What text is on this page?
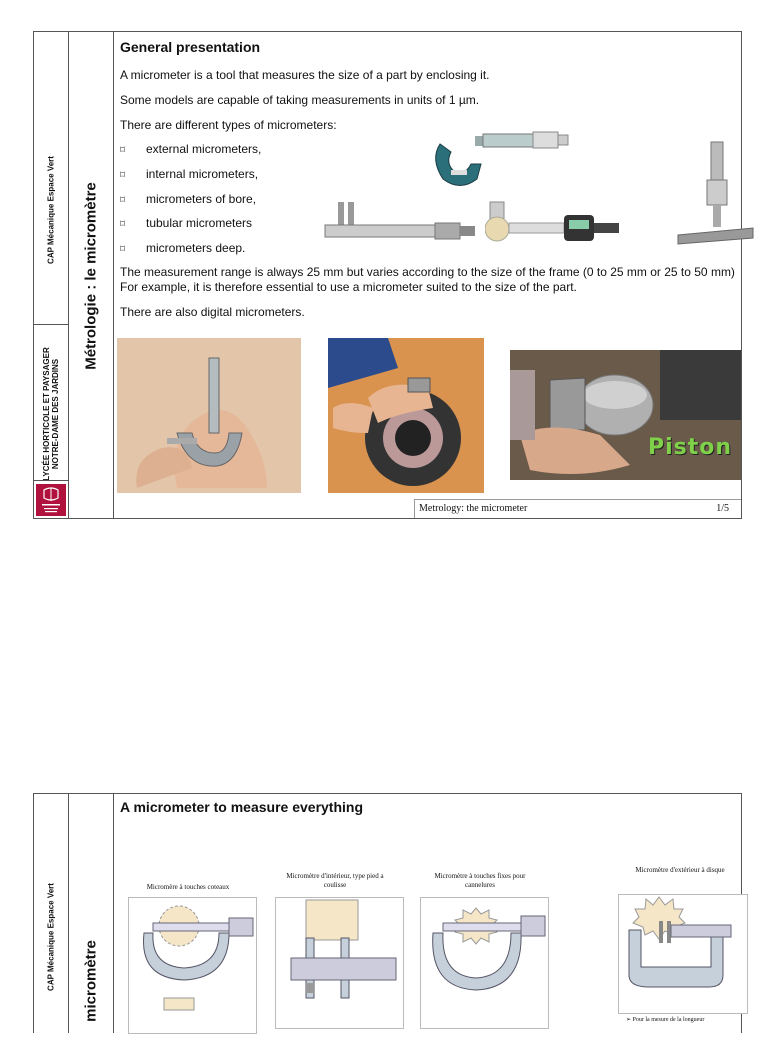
CAP Mécanique Espace Vert
LYCÉE HORTICOLE ET PAYSAGER NOTRE-DAME DES JARDINS
Métrologie : le micromètre
General presentation
A micrometer is a tool that measures the size of a part by enclosing it.
Some models are capable of taking measurements in units of 1 µm.
There are different types of micrometers:
⌑ external micrometers,
⌑ internal micrometers,
⌑ micrometers of bore,
⌑ tubular micrometers
⌑ micrometers deep.
The measurement range is always 25 mm but varies according to the size of the frame (0 to 25 mm or 25 to 50 mm)
For example, it is therefore essential to use a micrometer suited to the size of the part.
There are also digital micrometers.
Piston
Metrology: the micrometer	1/5
CAP Mécanique Espace Vert micromètre
A micrometer to measure everything
Micromère à touches coteaux
Micromètre d'intérieur, type pied a coulisse
Micromètre à touches fixes pour cannelures
Micromètre d'extérieur à disque
➢ Pour la mesure de la longueur
